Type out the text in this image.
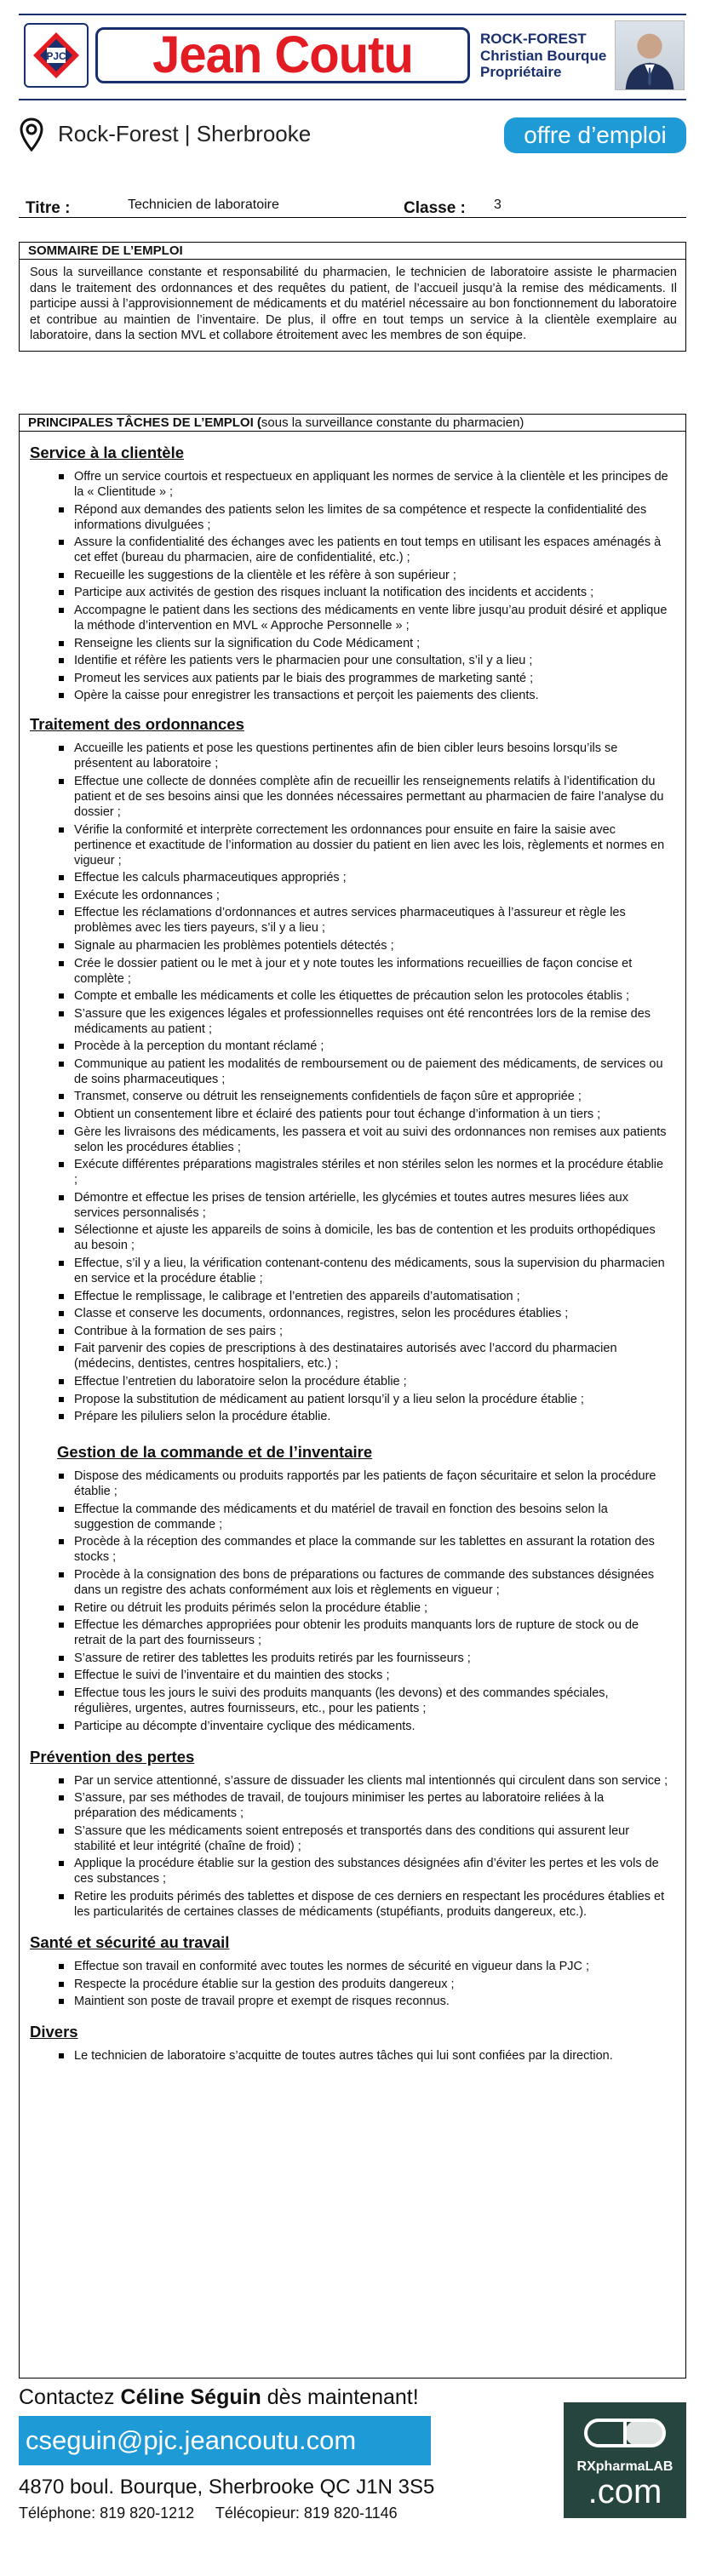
PJC Jean Coutu	ROCK-FOREST
Christian Bourque
Propriétaire
Rock-Forest | Sherbrooke	offre d’emploi
Titre :	Technicien de laboratoire	Classe : 3
SOMMAIRE DE L’EMPLOI
Sous la surveillance constante et responsabilité du pharmacien, le technicien de laboratoire assiste le pharmacien dans le traitement des ordonnances et des requêtes du patient, de l’accueil jusqu’à la remise des médicaments. Il participe aussi à l’approvisionnement de médicaments et du matériel nécessaire au bon fonctionnement du laboratoire et contribue au maintien de l’inventaire. De plus, il offre en tout temps un service à la clientèle exemplaire au laboratoire, dans la section MVL et collabore étroitement avec les membres de son équipe.
PRINCIPALES TÂCHES DE L’EMPLOI (sous la surveillance constante du pharmacien)
Service à la clientèle
Offre un service courtois et respectueux en appliquant les normes de service à la clientèle et les principes de la « Clientitude » ;
Répond aux demandes des patients selon les limites de sa compétence et respecte la confidentialité des informations divulguées ;
Assure la confidentialité des échanges avec les patients en tout temps en utilisant les espaces aménagés à cet effet (bureau du pharmacien, aire de confidentialité, etc.) ;
Recueille les suggestions de la clientèle et les réfère à son supérieur ;
Participe aux activités de gestion des risques incluant la notification des incidents et accidents ;
Accompagne le patient dans les sections des médicaments en vente libre jusqu’au produit désiré et applique la méthode d’intervention en MVL « Approche Personnelle » ;
Renseigne les clients sur la signification du Code Médicament ;
Identifie et réfère les patients vers le pharmacien pour une consultation, s’il y a lieu ;
Promeut les services aux patients par le biais des programmes de marketing santé ;
Opère la caisse pour enregistrer les transactions et perçoit les paiements des clients.
Traitement des ordonnances
Accueille les patients et pose les questions pertinentes afin de bien cibler leurs besoins lorsqu’ils se présentent au laboratoire ;
Effectue une collecte de données complète afin de recueillir les renseignements relatifs à l’identification du patient et de ses besoins ainsi que les données nécessaires permettant au pharmacien de faire l’analyse du dossier ;
Vérifie la conformité et interprète correctement les ordonnances pour ensuite en faire la saisie avec pertinence et exactitude de l’information au dossier du patient en lien avec les lois, règlements et normes en vigueur ;
Effectue les calculs pharmaceutiques appropriés ;
Exécute les ordonnances ;
Effectue les réclamations d’ordonnances et autres services pharmaceutiques à l’assureur et règle les problèmes avec les tiers payeurs, s’il y a lieu ;
Signale au pharmacien les problèmes potentiels détectés ;
Crée le dossier patient ou le met à jour et y note toutes les informations recueillies de façon concise et complète ;
Compte et emballe les médicaments et colle les étiquettes de précaution selon les protocoles établis ;
S’assure que les exigences légales et professionnelles requises ont été rencontrées lors de la remise des médicaments au patient ;
Procède à la perception du montant réclamé ;
Communique au patient les modalités de remboursement ou de paiement des médicaments, de services ou de soins pharmaceutiques ;
Transmet, conserve ou détruit les renseignements confidentiels de façon sûre et appropriée ;
Obtient un consentement libre et éclairé des patients pour tout échange d’information à un tiers ;
Gère les livraisons des médicaments, les passera et voit au suivi des ordonnances non remises aux patients selon les procédures établies ;
Exécute différentes préparations magistrales stériles et non stériles selon les normes et la procédure établie ;
Démontre et effectue les prises de tension artérielle, les glycémies et toutes autres mesures liées aux services personnalisés ;
Sélectionne et ajuste les appareils de soins à domicile, les bas de contention et les produits orthopédiques au besoin ;
Effectue, s’il y a lieu, la vérification contenant-contenu des médicaments, sous la supervision du pharmacien en service et la procédure établie ;
Effectue le remplissage, le calibrage et l’entretien des appareils d’automatisation ;
Classe et conserve les documents, ordonnances, registres, selon les procédures établies ;
Contribue à la formation de ses pairs ;
Fait parvenir des copies de prescriptions à des destinataires autorisés avec l’accord du pharmacien (médecins, dentistes, centres hospitaliers, etc.) ;
Effectue l’entretien du laboratoire selon la procédure établie ;
Propose la substitution de médicament au patient lorsqu’il y a lieu selon la procédure établie ;
Prépare les piluliers selon la procédure établie.
Gestion de la commande et de l’inventaire
Dispose des médicaments ou produits rapportés par les patients de façon sécuritaire et selon la procédure établie ;
Effectue la commande des médicaments et du matériel de travail en fonction des besoins selon la suggestion de commande ;
Procède à la réception des commandes et place la commande sur les tablettes en assurant la rotation des stocks ;
Procède à la consignation des bons de préparations ou factures de commande des substances désignées dans un registre des achats conformément aux lois et règlements en vigueur ;
Retire ou détruit les produits périmés selon la procédure établie ;
Effectue les démarches appropriées pour obtenir les produits manquants lors de rupture de stock ou de retrait de la part des fournisseurs ;
S’assure de retirer des tablettes les produits retirés par les fournisseurs ;
Effectue le suivi de l’inventaire et du maintien des stocks ;
Effectue tous les jours le suivi des produits manquants (les devons) et des commandes spéciales, régulières, urgentes, autres fournisseurs, etc., pour les patients ;
Participe au décompte d’inventaire cyclique des médicaments.
Prévention des pertes
Par un service attentionné, s’assure de dissuader les clients mal intentionnés qui circulent dans son service ;
S’assure, par ses méthodes de travail, de toujours minimiser les pertes au laboratoire reliées à la préparation des médicaments ;
S’assure que les médicaments soient entreposés et transportés dans des conditions qui assurent leur stabilité et leur intégrité (chaîne de froid) ;
Applique la procédure établie sur la gestion des substances désignées afin d’éviter les pertes et les vols de ces substances ;
Retire les produits périmés des tablettes et dispose de ces derniers en respectant les procédures établies et les particularités de certaines classes de médicaments (stupéfiants, produits dangereux, etc.).
Santé et sécurité au travail
Effectue son travail en conformité avec toutes les normes de sécurité en vigueur dans la PJC ;
Respecte la procédure établie sur la gestion des produits dangereux ;
Maintient son poste de travail propre et exempt de risques reconnus.
Divers
Le technicien de laboratoire s’acquitte de toutes autres tâches qui lui sont confiées par la direction.
Contactez Céline Séguin dès maintenant!
cseguin@pjc.jeancoutu.com
4870 boul. Bourque, Sherbrooke QC J1N 3S5
Téléphone: 819 820-1212     Télécopieur: 819 820-1146
RXpharmaLAB
.com
